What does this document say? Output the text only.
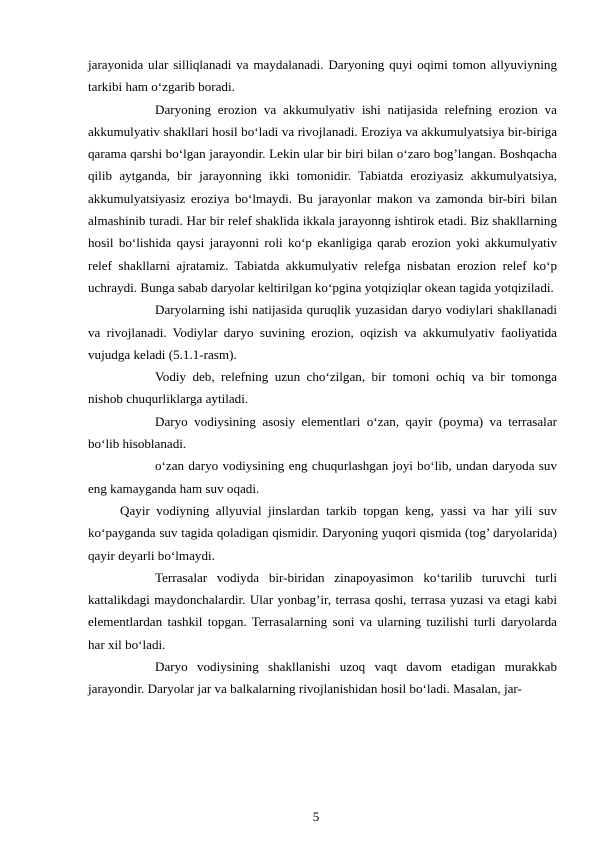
jarayonida ular silliqlanadi va maydalanadi. Daryoning quyi oqimi tomon allyuviyning tarkibi ham o‘zgarib boradi.

Daryoning erozion va akkumulyativ ishi natijasida relefning erozion va akkumulyativ shakllari hosil bo‘ladi va rivojlanadi. Eroziya va akkumulyatsiya bir-biriga qarama qarshi bo‘lgan jarayondir. Lekin ular bir biri bilan o‘zaro bog’langan. Boshqacha qilib aytganda, bir jarayonning ikki tomonidir. Tabiatda eroziyasiz akkumulyatsiya, akkumulyatsiyasiz eroziya bo‘lmaydi. Bu jarayonlar makon va zamonda bir-biri bilan almashinib turadi. Har bir relef shaklida ikkala jarayonng ishtirok etadi. Biz shakllarning hosil bo‘lishida qaysi jarayonni roli ko‘p ekanligiga qarab erozion yoki akkumulyativ relef shakllarni ajratamiz. Tabiatda akkumulyativ relefga nisbatan erozion relef ko‘p uchraydi. Bunga sabab daryolar keltirilgan ko‘pgina yotqiziqlar okean tagida yotqiziladi.

Daryolarning ishi natijasida quruqlik yuzasidan daryo vodiylari shakllanadi va rivojlanadi. Vodiylar daryo suvining erozion, oqizish va akkumulyativ faoliyatida vujudga keladi (5.1.1-rasm).

Vodiy deb, relefning uzun cho‘zilgan, bir tomoni ochiq va bir tomonga nishob chuqurliklarga aytiladi.

Daryo vodiysining asosiy elementlari o‘zan, qayir (poyma) va terrasalar bo‘lib hisoblanadi.

o‘zan daryo vodiysining eng chuqurlashgan joyi bo‘lib, undan daryoda suv eng kamayganda ham suv oqadi.

Qayir vodiyning allyuvial jinslardan tarkib topgan keng, yassi va har yili suv ko‘payganda suv tagida qoladigan qismidir. Daryoning yuqori qismida (tog’ daryolarida) qayir deyarli bo‘lmaydi.

Terrasalar vodiyda bir-biridan zinapoyasimon ko‘tarilib turuvchi turli kattalikdagi maydonchalardir. Ular yonbag’ir, terrasa qoshi, terrasa yuzasi va etagi kabi elementlardan tashkil topgan. Terrasalarning soni va ularning tuzilishi turli daryolarda har xil bo‘ladi.

Daryo vodiysining shakllanishi uzoq vaqt davom etadigan murakkab jarayondir. Daryolar jar va balkalarning rivojlanishidan hosil bo‘ladi. Masalan, jar-

5
